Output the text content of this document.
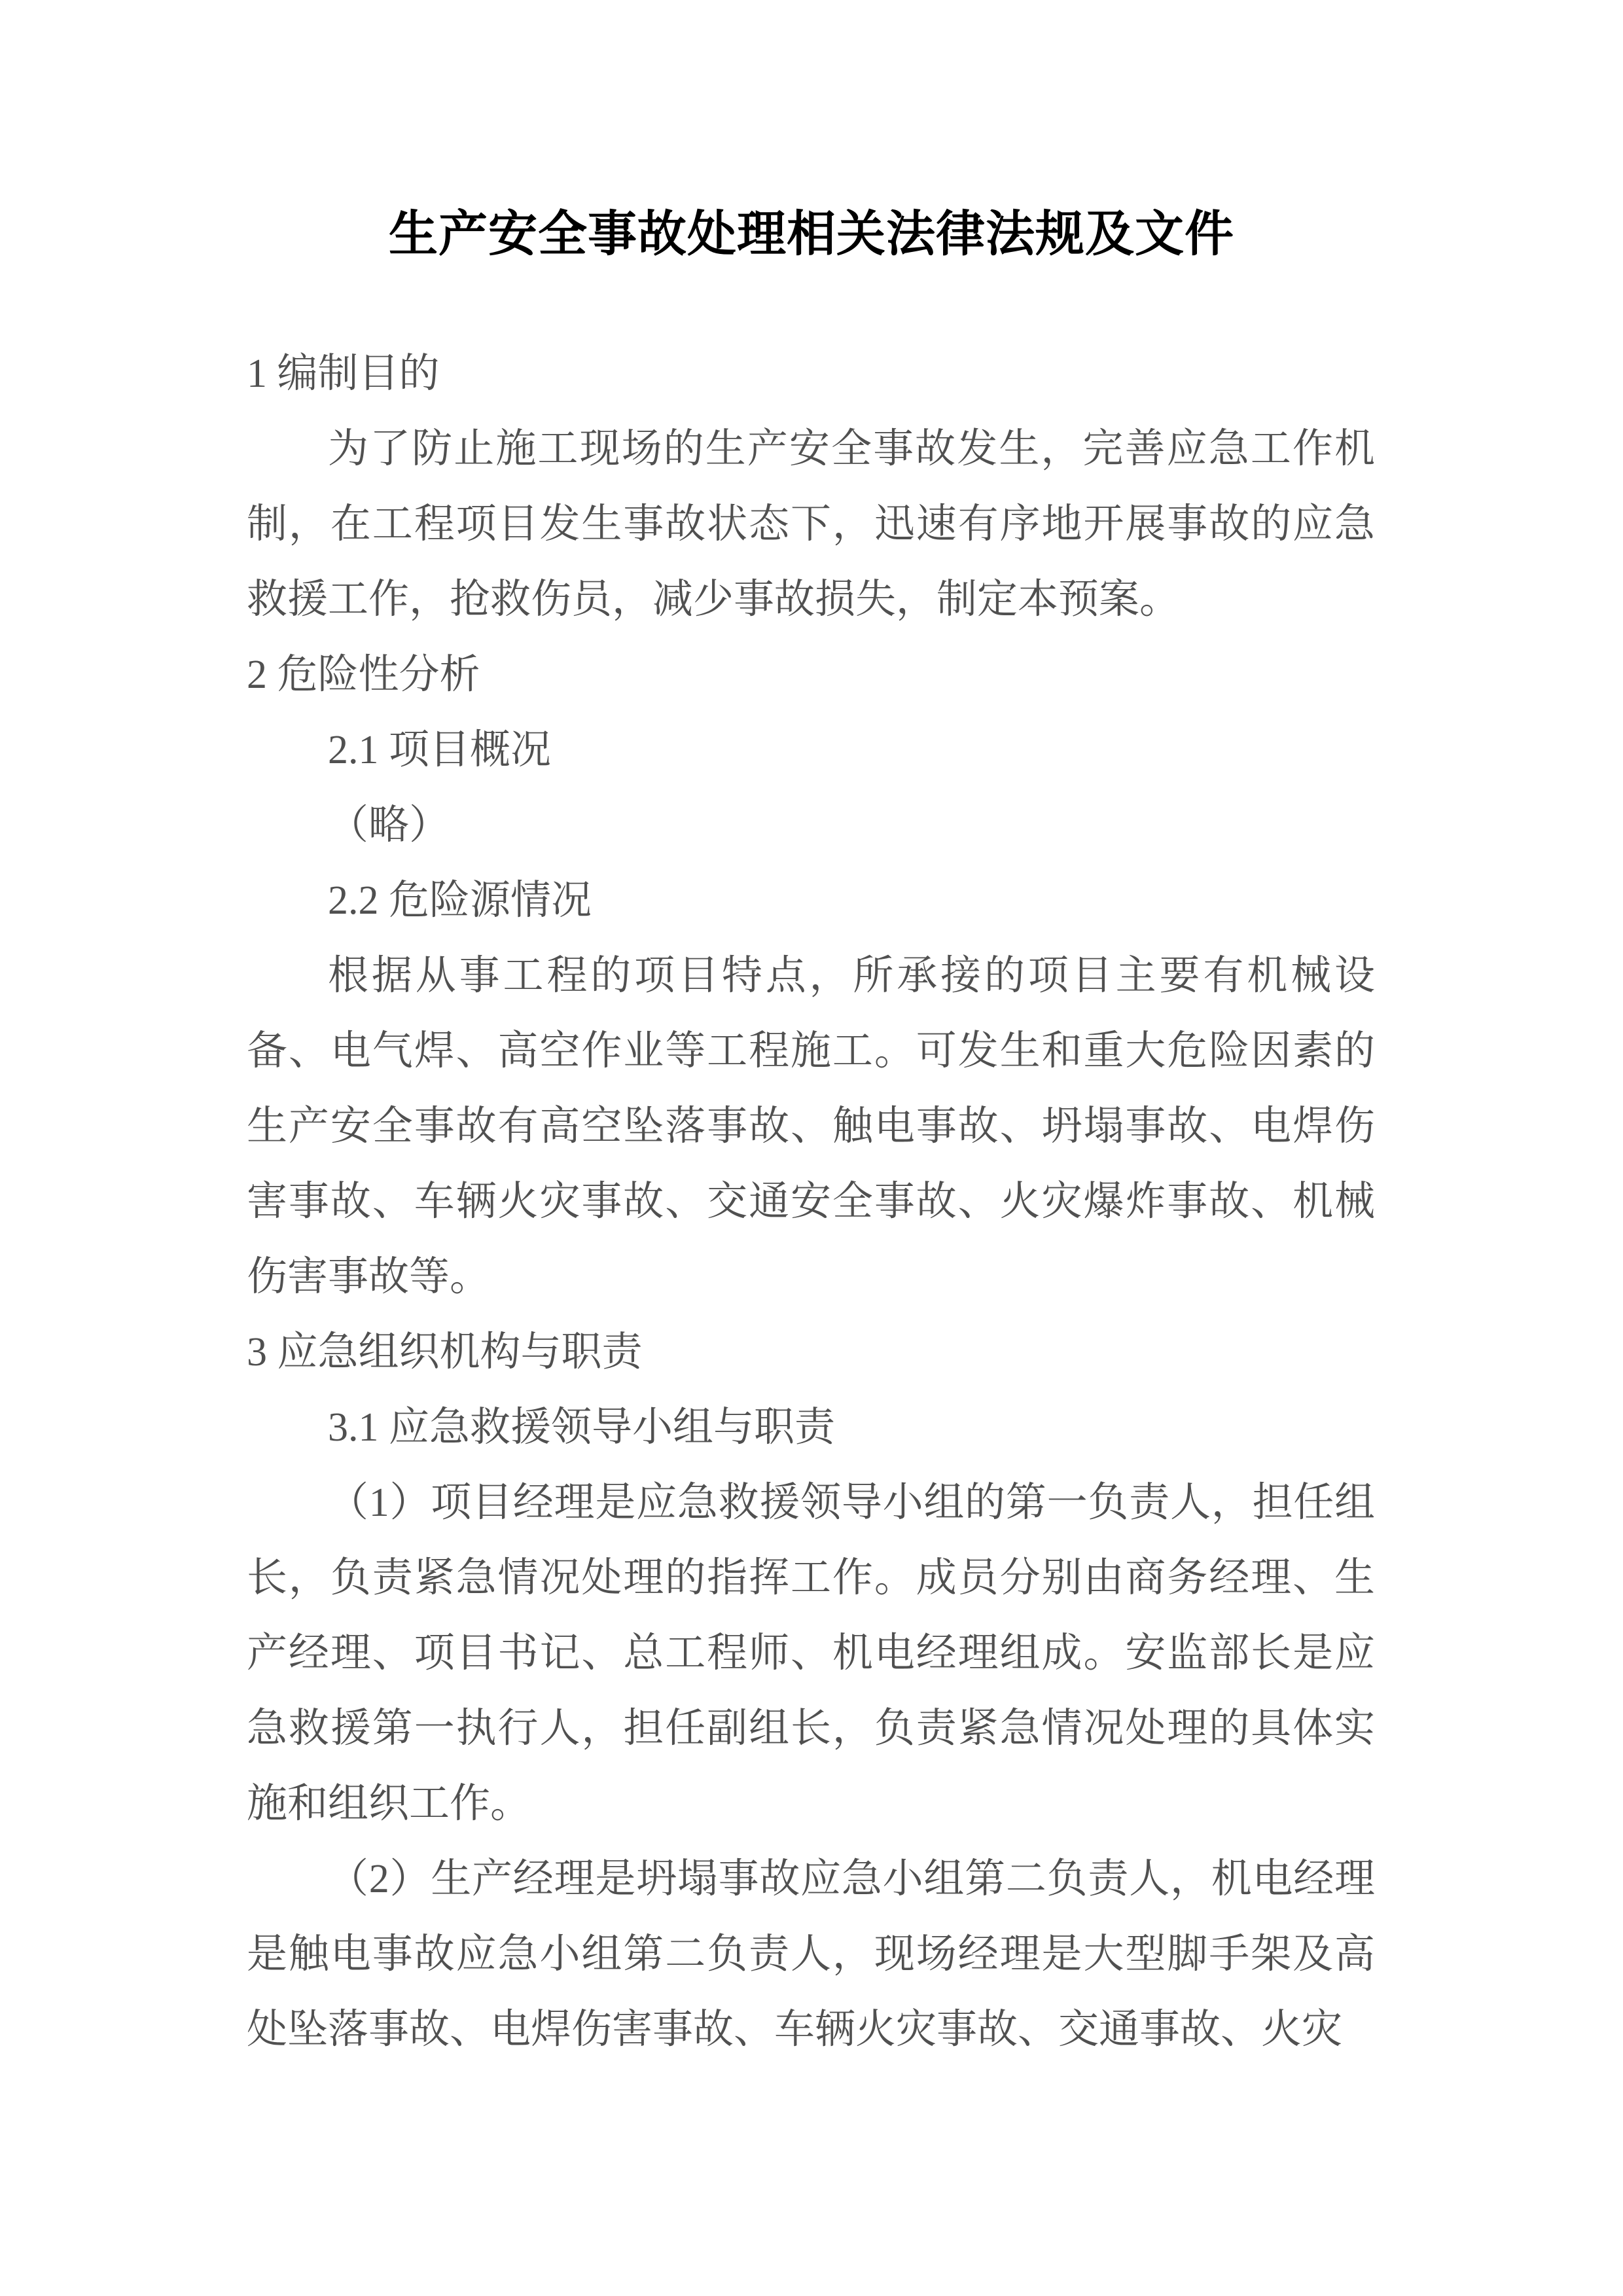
生产安全事故处理相关法律法规及文件

1 编制目的

为了防止施工现场的生产安全事故发生，完善应急工作机制，在工程项目发生事故状态下，迅速有序地开展事故的应急救援工作，抢救伤员，减少事故损失，制定本预案。

2 危险性分析

2.1 项目概况

（略）

2.2 危险源情况

根据从事工程的项目特点，所承接的项目主要有机械设备、电气焊、高空作业等工程施工。可发生和重大危险因素的生产安全事故有高空坠落事故、触电事故、坍塌事故、电焊伤害事故、车辆火灾事故、交通安全事故、火灾爆炸事故、机械伤害事故等。

3 应急组织机构与职责

3.1 应急救援领导小组与职责

（1）项目经理是应急救援领导小组的第一负责人，担任组长，负责紧急情况处理的指挥工作。成员分别由商务经理、生产经理、项目书记、总工程师、机电经理组成。安监部长是应急救援第一执行人，担任副组长，负责紧急情况处理的具体实施和组织工作。

（2）生产经理是坍塌事故应急小组第二负责人，机电经理是触电事故应急小组第二负责人，现场经理是大型脚手架及高处坠落事故、电焊伤害事故、车辆火灾事故、交通事故、火灾
